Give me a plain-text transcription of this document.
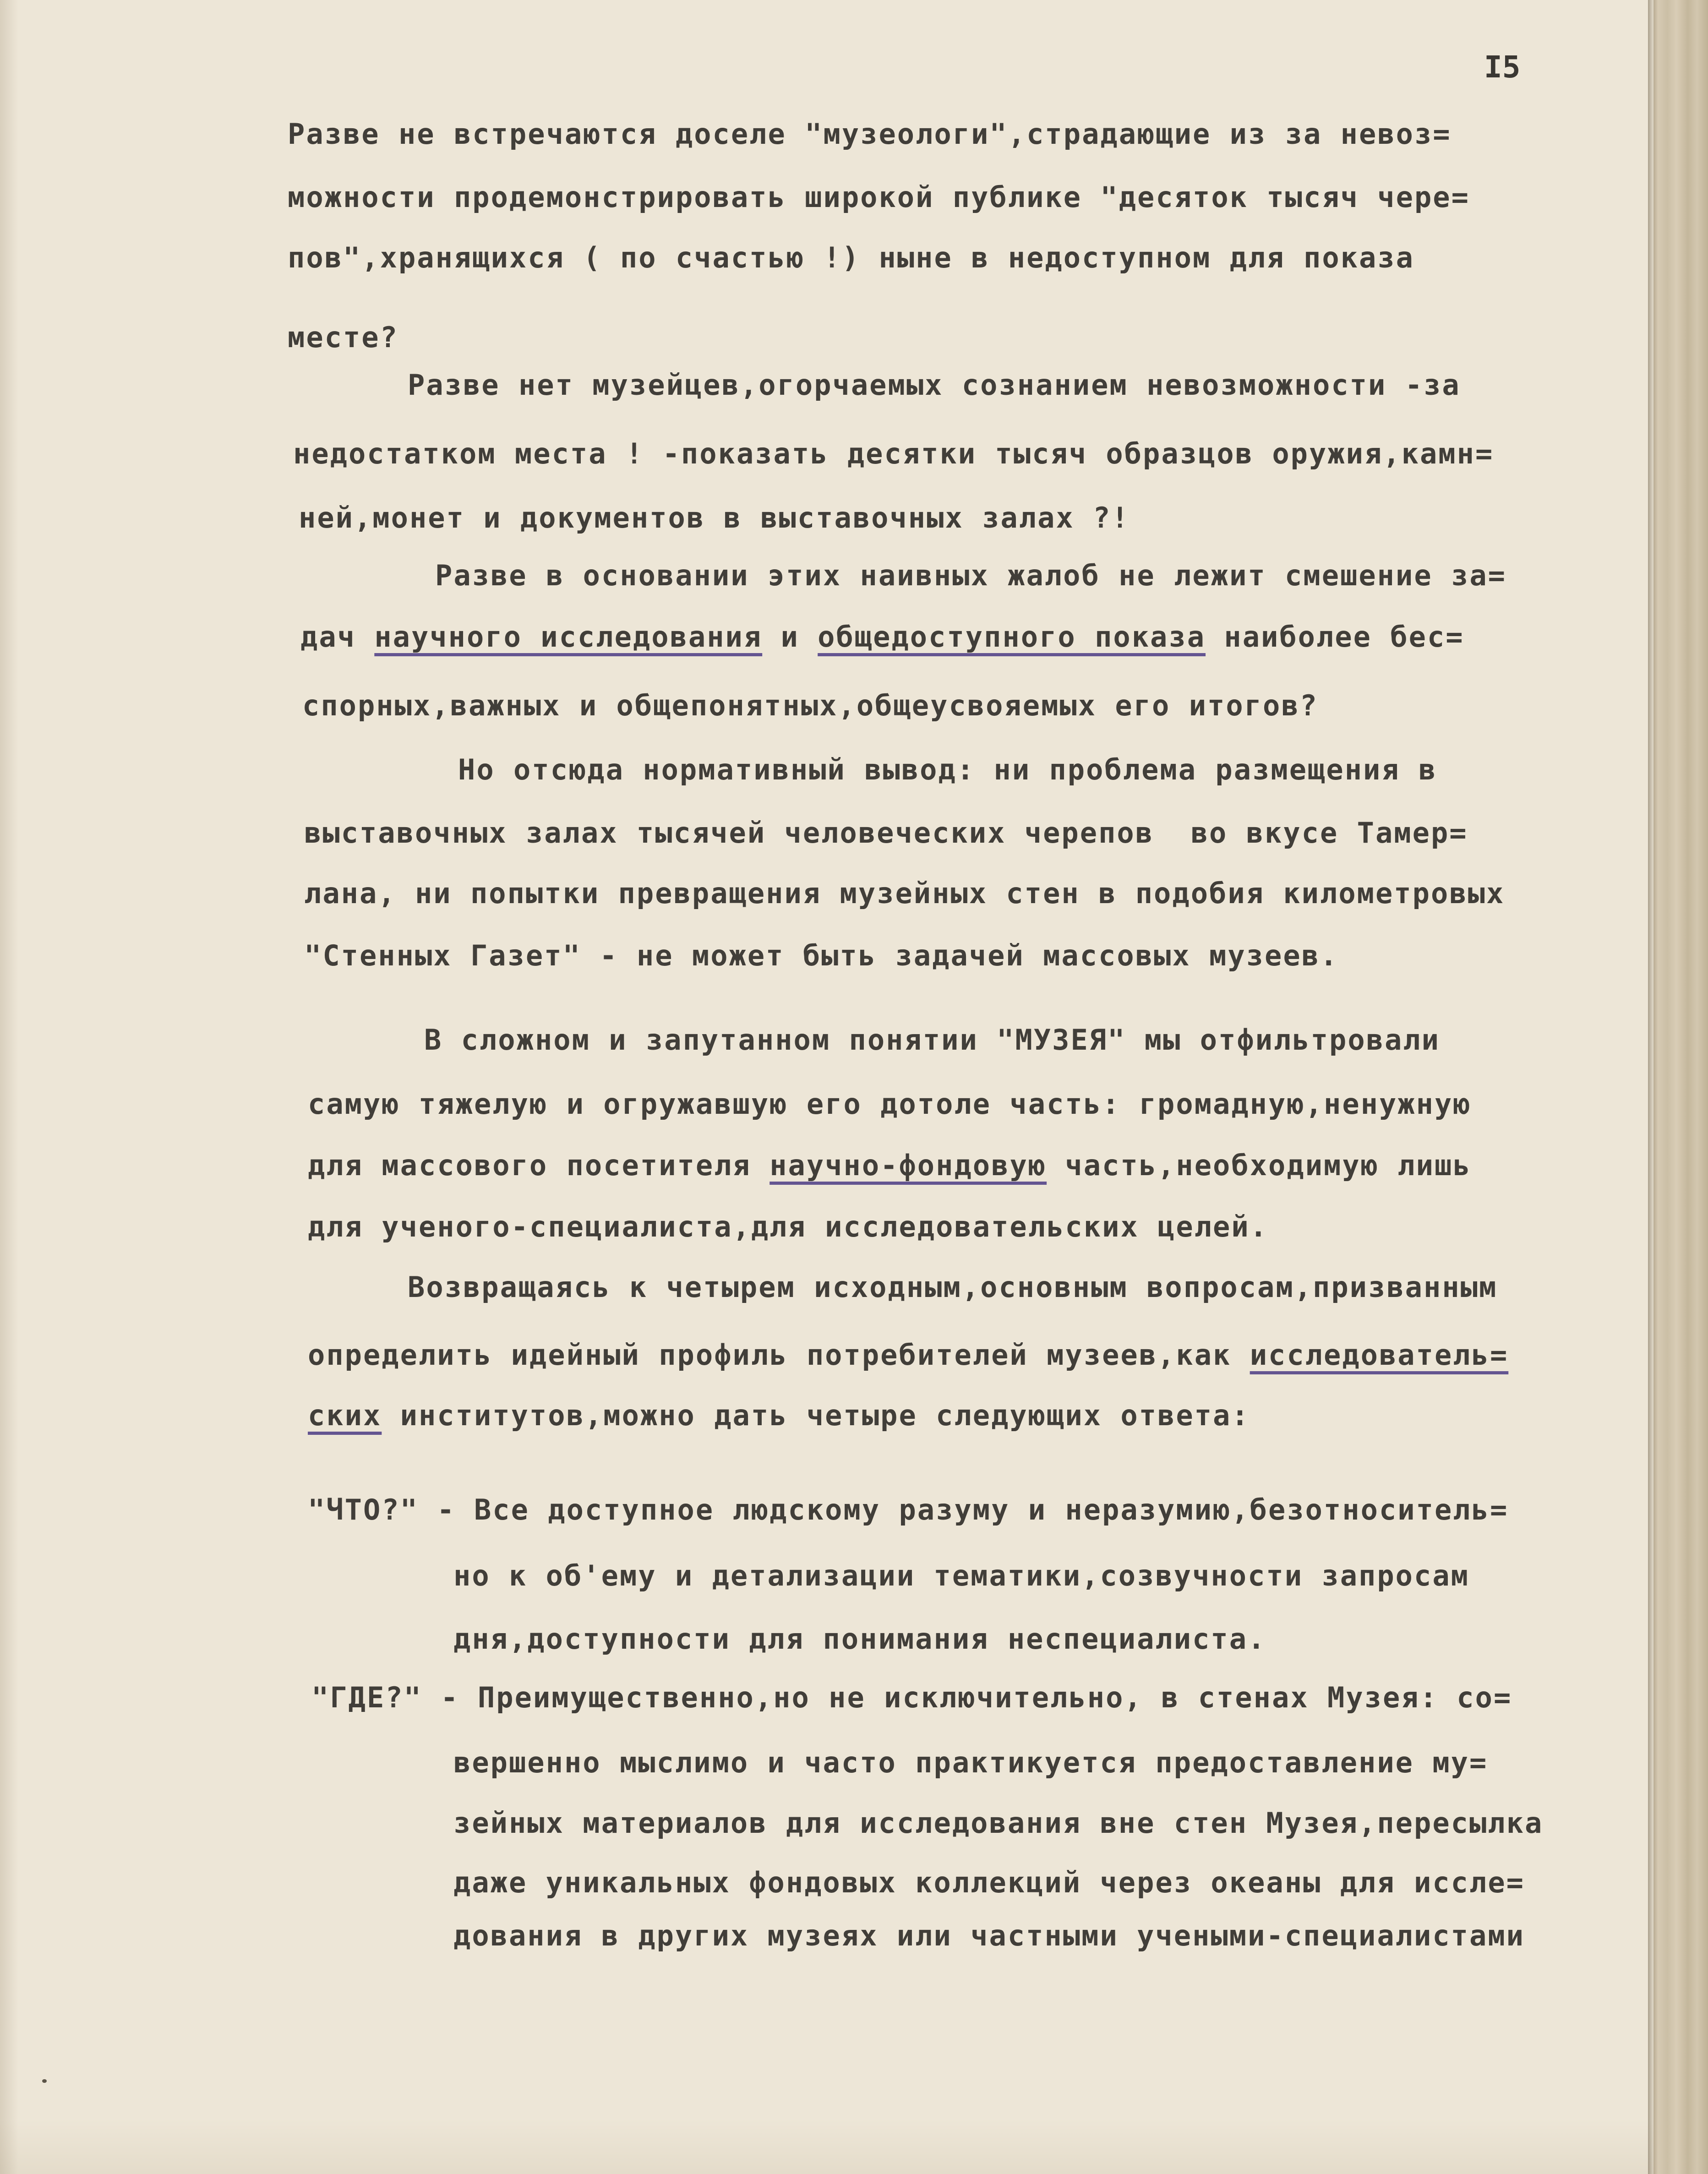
I5
Разве не встречаются доселе "музеологи",страдающие из за невоз=
можности продемонстрировать широкой публике "десяток тысяч чере=
пов",хранящихся ( по счастью !) ныне в недоступном для показа
месте?
Разве нет музейцев,огорчаемых сознанием невозможности -за
недостатком места ! -показать десятки тысяч образцов оружия,камн=
ней,монет и документов в выставочных залах ?!
Разве в основании этих наивных жалоб не лежит смешение за=
дач научного исследования и общедоступного показа наиболее бес=
спорных,важных и общепонятных,общеусвояемых его итогов?
Но отсюда нормативный вывод: ни проблема размещения в
выставочных залах тысячей человеческих черепов  во вкусе Тамер=
лана, ни попытки превращения музейных стен в подобия километровых
"Стенных Газет" - не может быть задачей массовых музеев.
В сложном и запутанном понятии "МУЗЕЯ" мы отфильтровали
самую тяжелую и огружавшую его дотоле часть: громадную,ненужную
для массового посетителя научно-фондовую часть,необходимую лишь
для ученого-специалиста,для исследовательских целей.
Возвращаясь к четырем исходным,основным вопросам,призванным
определить идейный профиль потребителей музеев,как исследователь=
ских институтов,можно дать четыре следующих ответа:
"ЧТО?" - Все доступное людскому разуму и неразумию,безотноситель=
но к об'ему и детализации тематики,созвучности запросам
дня,доступности для понимания неспециалиста.
"ГДЕ?" - Преимущественно,но не исключительно, в стенах Музея: со=
вершенно мыслимо и часто практикуется предоставление му=
зейных материалов для исследования вне стен Музея,пересылка
даже уникальных фондовых коллекций через океаны для иссле=
дования в других музеях или частными учеными-специалистами
